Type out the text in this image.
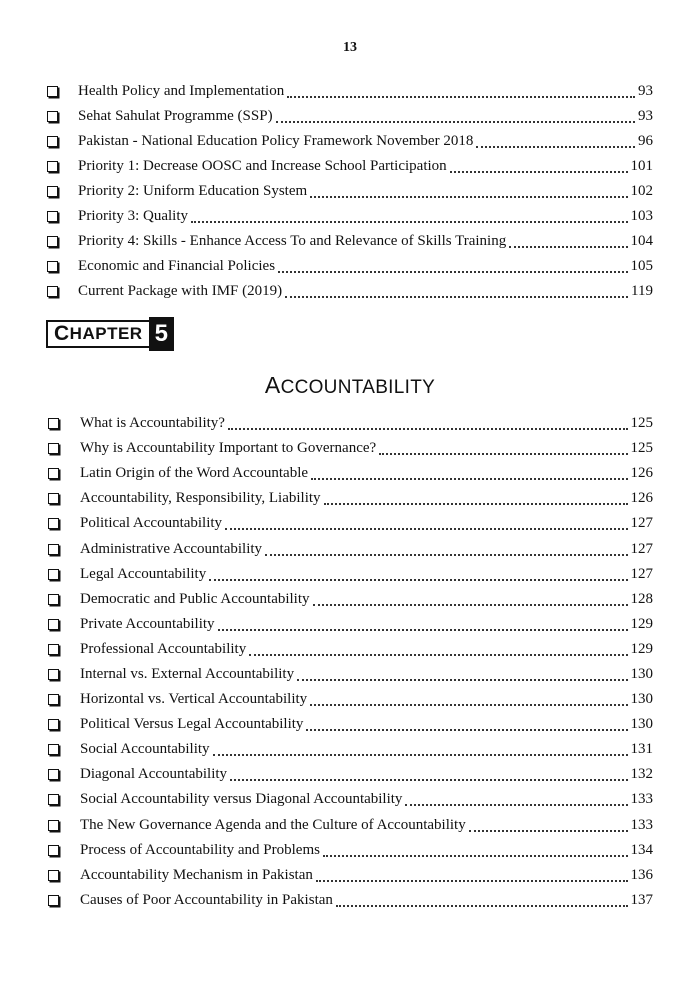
13
Health Policy and Implementation	93
Sehat Sahulat Programme (SSP)	93
Pakistan - National Education Policy Framework November 2018	96
Priority 1: Decrease OOSC and Increase School Participation	101
Priority 2: Uniform Education System	102
Priority 3: Quality	103
Priority 4: Skills - Enhance Access To and Relevance of Skills Training	104
Economic and Financial Policies	105
Current Package with IMF (2019)	119
C HAPTER 5
ACCOUNTABILITY
What is Accountability?	125
Why is Accountability Important to Governance?	125
Latin Origin of the Word Accountable	126
Accountability, Responsibility, Liability	126
Political Accountability	127
Administrative Accountability	127
Legal Accountability	127
Democratic and Public Accountability	128
Private Accountability	129
Professional Accountability	129
Internal vs. External Accountability	130
Horizontal vs. Vertical Accountability	130
Political Versus Legal Accountability	130
Social Accountability	131
Diagonal Accountability	132
Social Accountability versus Diagonal Accountability	133
The New Governance Agenda and the Culture of Accountability	133
Process of Accountability and Problems	134
Accountability Mechanism in Pakistan	136
Causes of Poor Accountability in Pakistan	137
